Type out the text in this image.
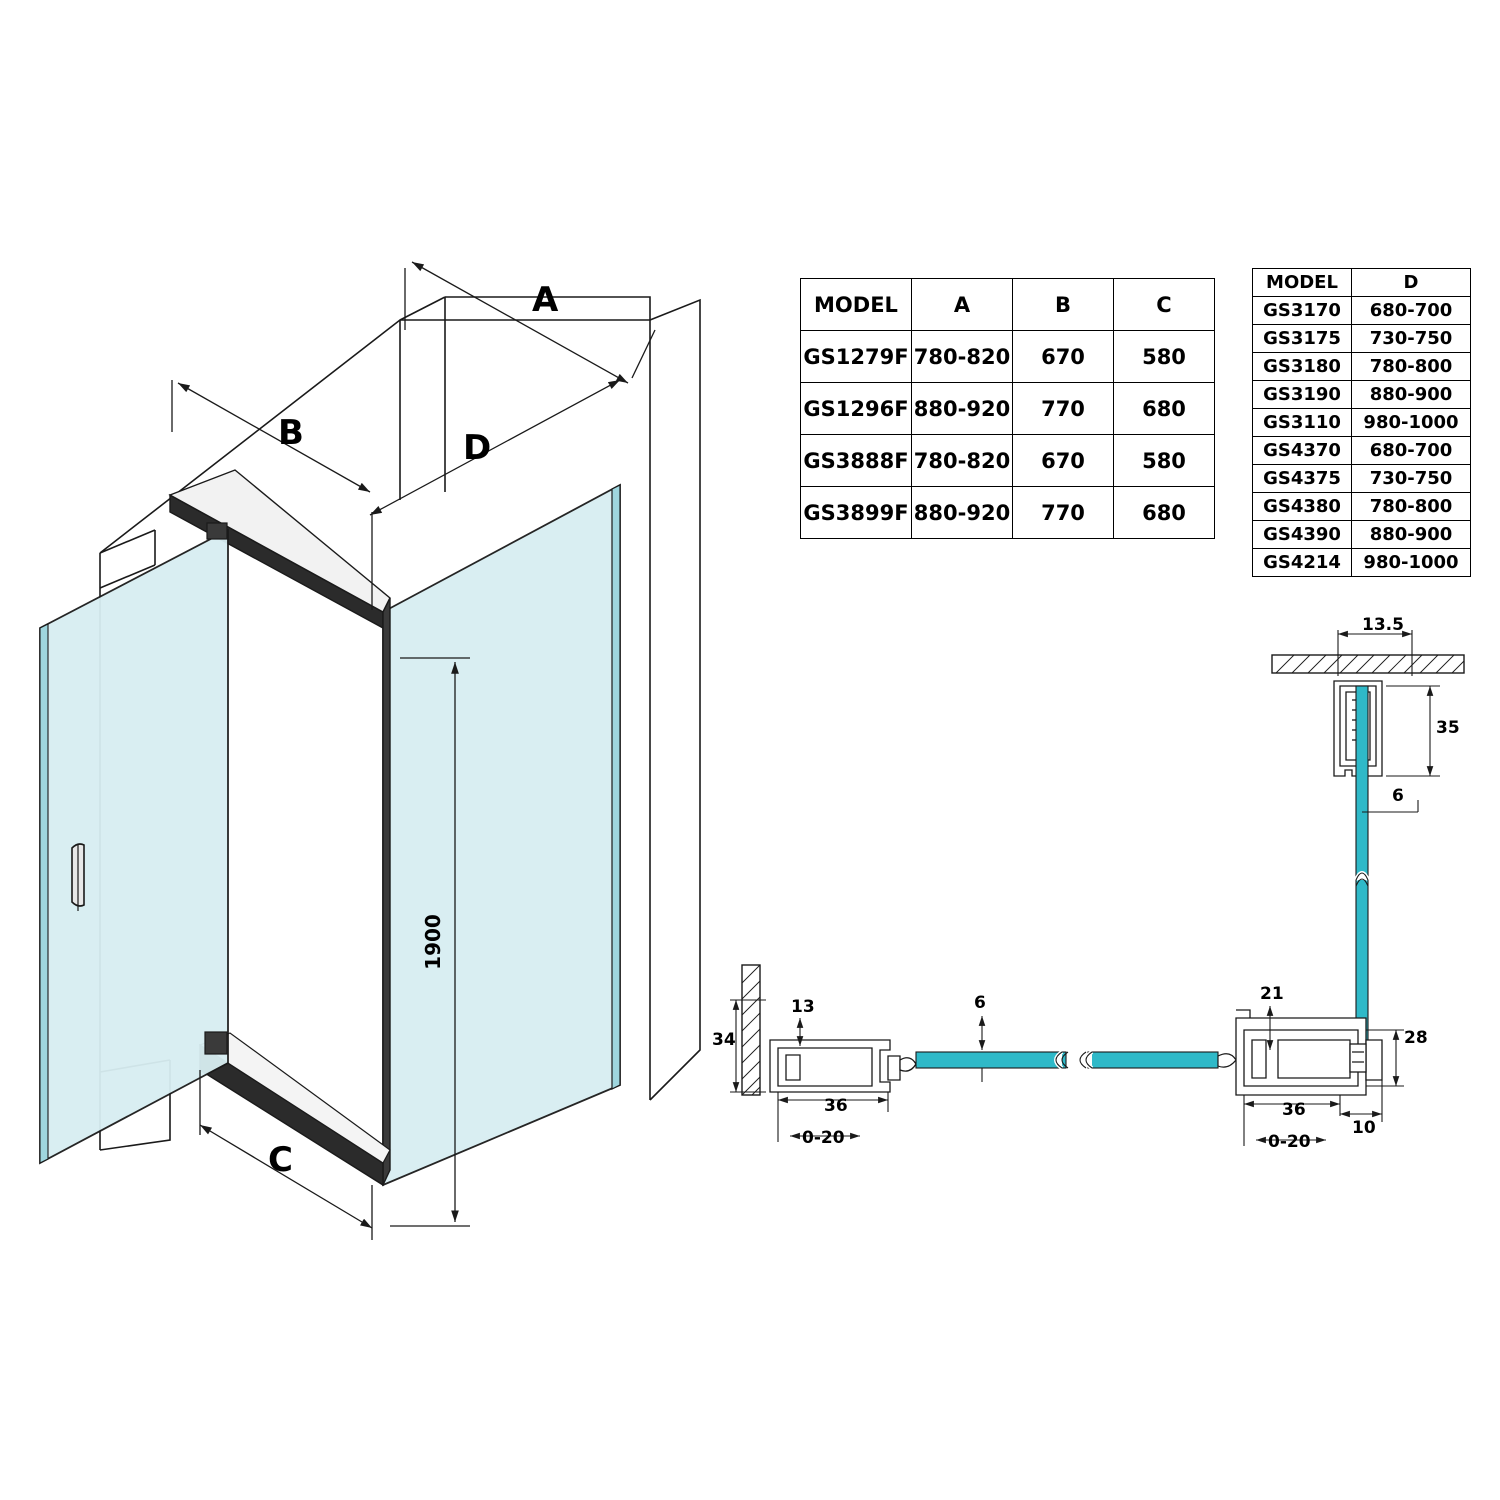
A
B	D
C
1900
MODEL	A	B	C
GS1279F	780-820	670	580
GS1296F	880-920	770	680
GS3888F	780-820	670	580
GS3899F	880-920	770	680
MODEL	D
GS3170	680-700
GS3175	730-750
GS3180	780-800
GS3190	880-900
GS3110	980-1000
GS4370	680-700
GS4375	730-750
GS4380	780-800
GS4390	880-900
GS4214	980-1000
13.5
35
6
34
13	6
36
0-20
21
28
36
0-20
10
